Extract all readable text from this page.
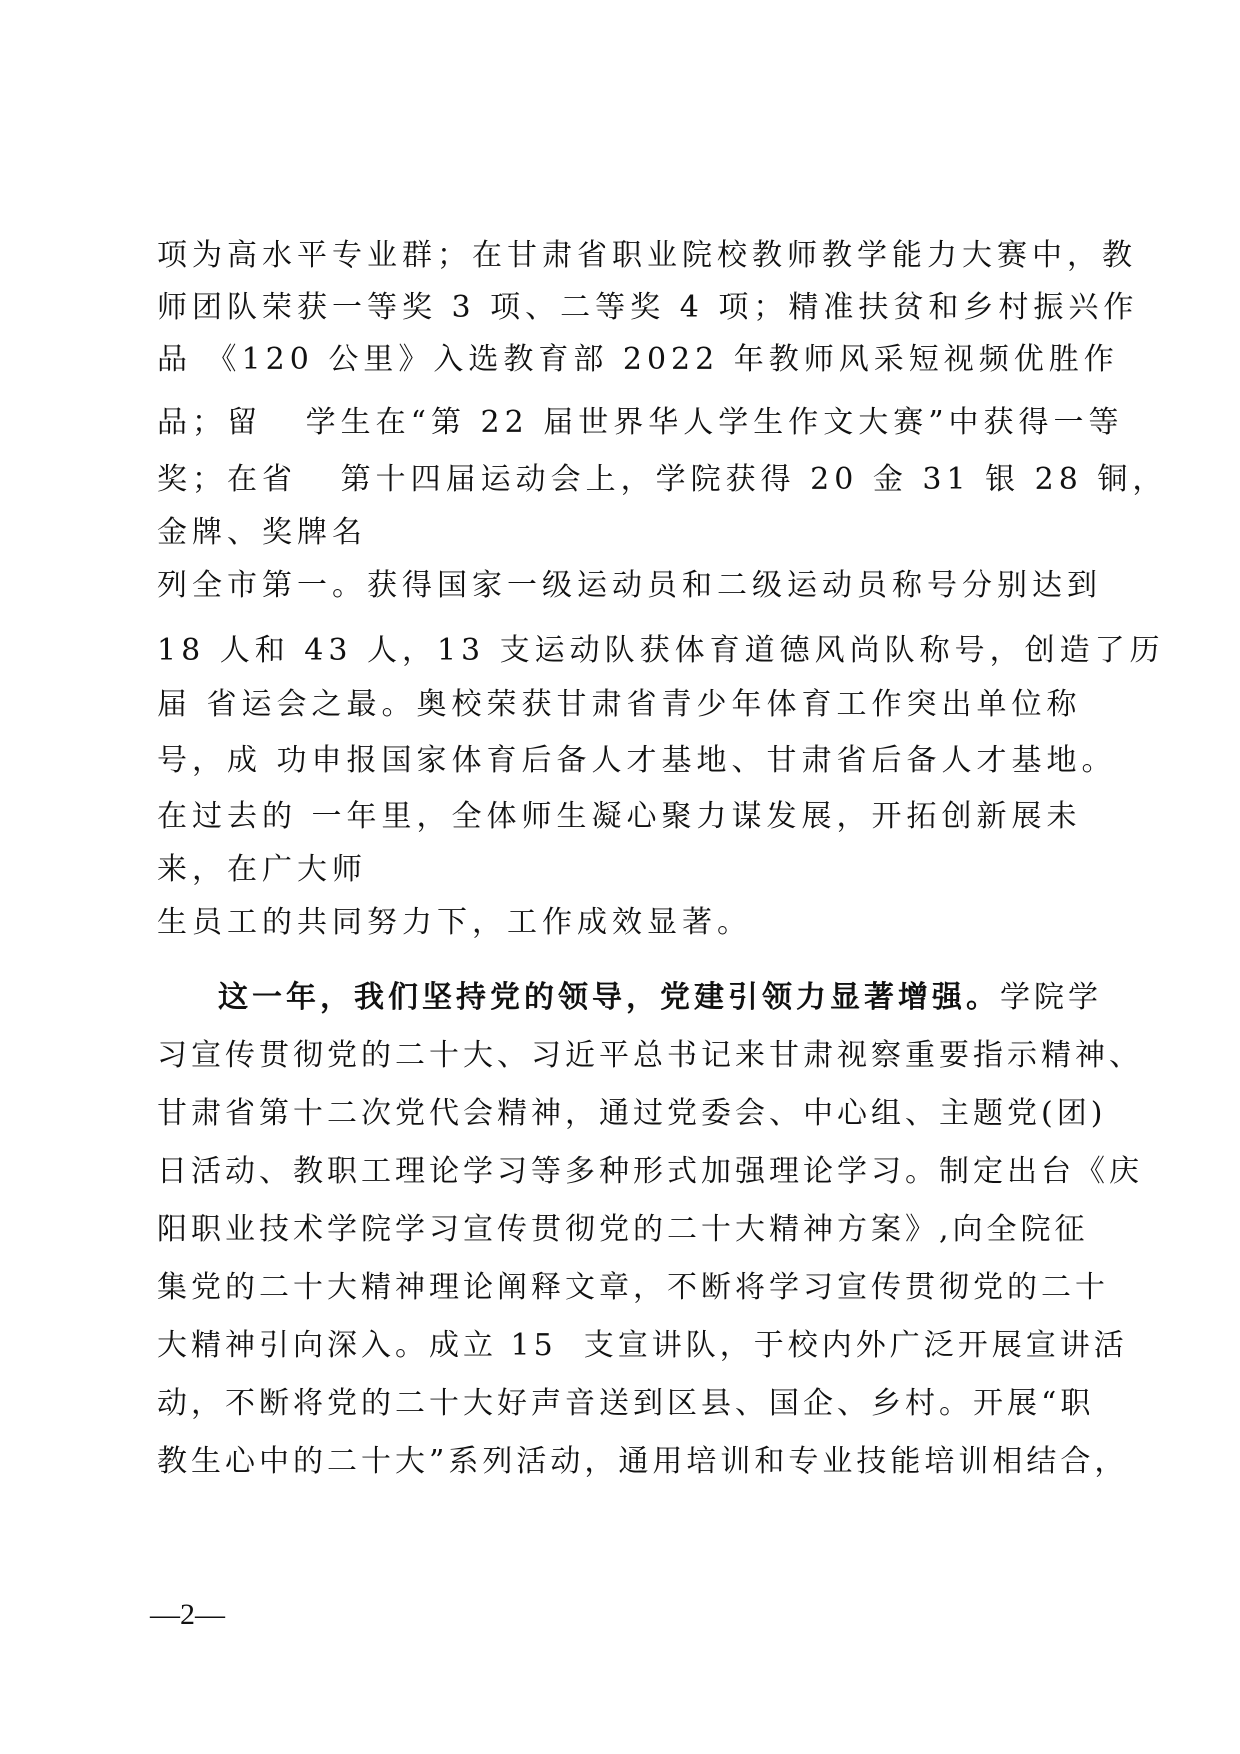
项为高水平专业群；在甘肃省职业院校教师教学能力大赛中，教
师团队荣获一等奖 3 项、二等奖 4 项；精准扶贫和乡村振兴作
品 《120 公里》入选教育部 2022 年教师风采短视频优胜作
品；留   学生在“第 22 届世界华人学生作文大赛”中获得一等
奖；在省   第十四届运动会上，学院获得 20 金 31 银 28 铜，
金牌、奖牌名
列全市第一。获得国家一级运动员和二级运动员称号分别达到
18 人和 43 人，13 支运动队获体育道德风尚队称号，创造了历
届 省运会之最。奥校荣获甘肃省青少年体育工作突出单位称
号，成 功申报国家体育后备人才基地、甘肃省后备人才基地。
在过去的 一年里，全体师生凝心聚力谋发展，开拓创新展未
来，在广大师
生员工的共同努力下，工作成效显著。
这一年，我们坚持党的领导，党建引领力显著增强。学院学
习宣传贯彻党的二十大、习近平总书记来甘肃视察重要指示精神、
甘肃省第十二次党代会精神，通过党委会、中心组、主题党(团)
日活动、教职工理论学习等多种形式加强理论学习。制定出台《庆
阳职业技术学院学习宣传贯彻党的二十大精神方案》,向全院征
集党的二十大精神理论阐释文章，不断将学习宣传贯彻党的二十
大精神引向深入。成立 15  支宣讲队，于校内外广泛开展宣讲活
动，不断将党的二十大好声音送到区县、国企、乡村。开展“职
教生心中的二十大”系列活动，通用培训和专业技能培训相结合，
—2—
